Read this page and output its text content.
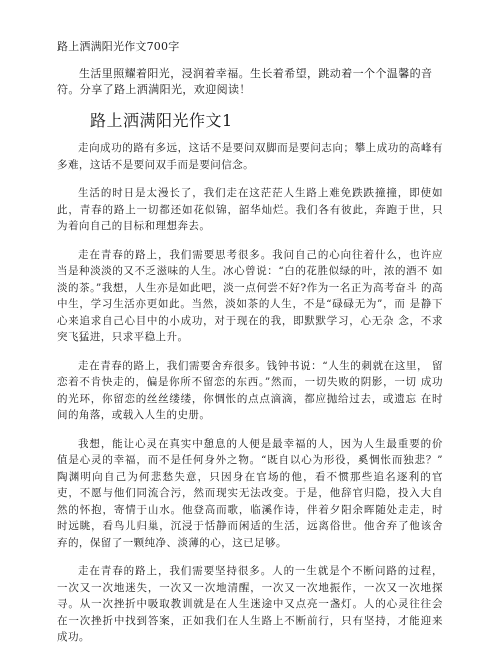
路上洒满阳光作文700字
生活里照耀着阳光，浸润着幸福。生长着希望，跳动着一个个温馨的音 符。分享了路上洒满阳光，欢迎阅读！
路上洒满阳光作文1

走向成功的路有多远，这话不是要问双脚而是要问志向；攀上成功的高峰有多难，这话不是要问双手而是要问信念。

生活的时日是太漫长了，我们走在这茫茫人生路上难免跌跌撞撞，即使如 此，青春的路上一切都还如花似锦，韶华灿烂。我们各有彼此，奔跑于世，只 为着向自己的目标和理想奔去。

走在青春的路上，我们需要思考很多。我问自己的心向往着什么，也许应 当是种淡淡的又不乏滋味的人生。冰心曾说：“白的花胜似绿的叶，浓的酒不 如淡的茶。”我想，人生亦是如此吧，淡一点何尝不好?作为一名正为高考奋斗 的高中生，学习生活亦更如此。当然，淡如茶的人生，不是“碌碌无为”，而 是静下心来追求自己心目中的小成功，对于现在的我，即默默学习，心无杂 念，不求突飞猛进，只求平稳上升。

走在青春的路上，我们需要舍弃很多。钱钟书说：“人生的刺就在这里， 留恋着不肯快走的，偏是你所不留恋的东西。”然而，一切失败的阴影，一切 成功的光环，你留恋的丝丝缕缕，你惆怅的点点滴滴，都应抛给过去，或遗忘 在时间的角落，或载入人生的史册。

我想，能让心灵在真实中憩息的人便是最幸福的人，因为人生最重要的价 值是心灵的幸福，而不是任何身外之物。“既自以心为形役，奚惆怅而独悲？” 陶渊明向自己为何悲愁失意，只因身在官场的他，看不惯那些追名逐利的官 吏，不愿与他们同流合污，然而现实无法改变。于是，他辞官归隐，投入大自 然的怀抱，寄情于山水。他登高而歌，临溪作诗，伴着夕阳余晖随处走走，时 时远眺，看鸟儿归巢，沉浸于恬静而闲适的生活，远离俗世。他舍弃了他该舍 弃的，保留了一颗纯净、淡薄的心，这已足够。

走在青春的路上，我们需要坚持很多。人的一生就是个不断问路的过程， 一次又一次地迷失，一次又一次地清醒，一次又一次地振作，一次又一次地探 寻。从一次挫折中吸取教训就是在人生迷途中又点亮一盏灯。人的心灵往往会 在一次挫折中找到答案，正如我们在人生路上不断前行，只有坚持，才能迎来 成功。
